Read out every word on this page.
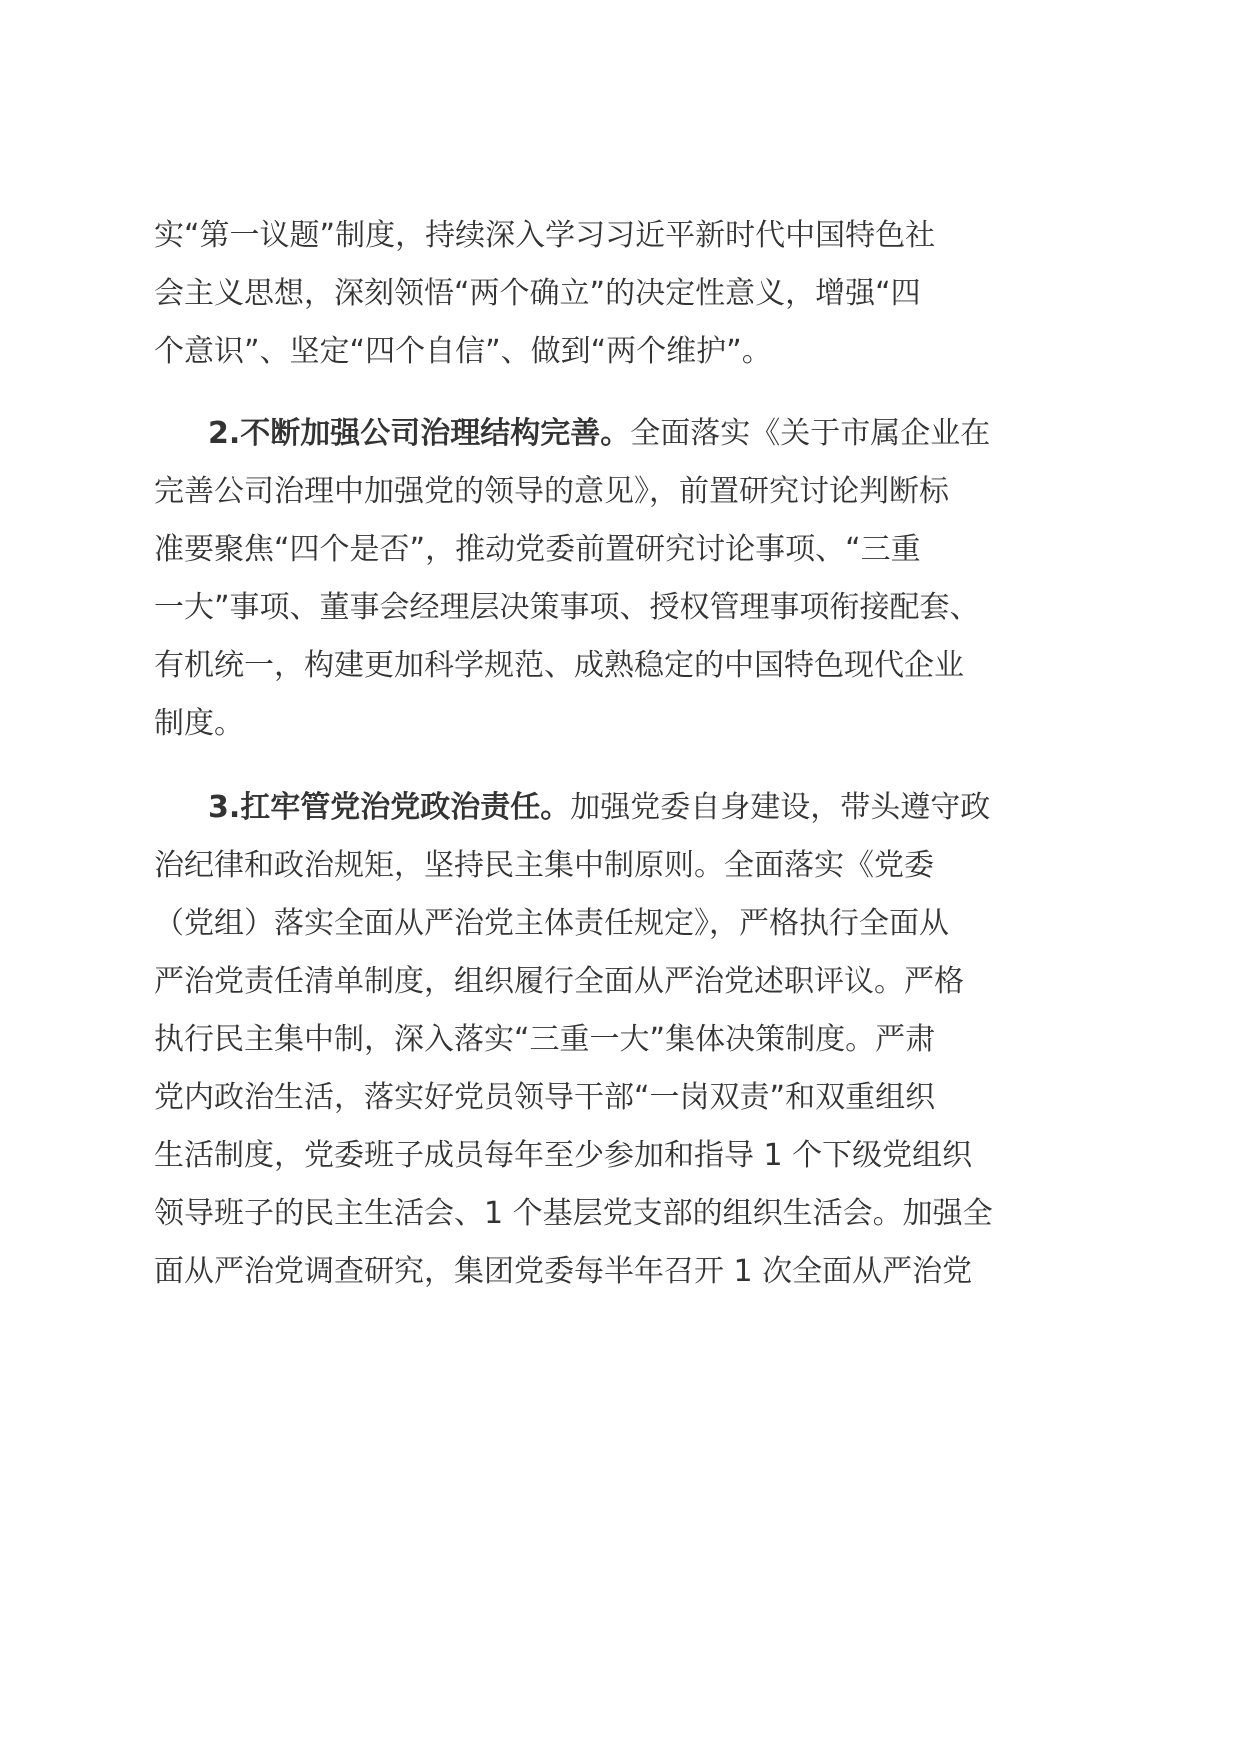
实“第一议题”制度，持续深入学习习近平新时代中国特色社
会主义思想，深刻领悟“两个确立”的决定性意义，增强“四
个意识”、坚定“四个自信”、做到“两个维护”。
2.不断加强公司治理结构完善。全面落实《关于市属企业在
完善公司治理中加强党的领导的意见》，前置研究讨论判断标
准要聚焦“四个是否”，推动党委前置研究讨论事项、“三重
一大”事项、董事会经理层决策事项、授权管理事项衔接配套、
有机统一，构建更加科学规范、成熟稳定的中国特色现代企业
制度。
3.扛牢管党治党政治责任。加强党委自身建设，带头遵守政
治纪律和政治规矩，坚持民主集中制原则。全面落实《党委
（党组）落实全面从严治党主体责任规定》，严格执行全面从
严治党责任清单制度，组织履行全面从严治党述职评议。严格
执行民主集中制，深入落实“三重一大”集体决策制度。严肃
党内政治生活，落实好党员领导干部“一岗双责”和双重组织
生活制度，党委班子成员每年至少参加和指导 1 个下级党组织
领导班子的民主生活会、1 个基层党支部的组织生活会。加强全
面从严治党调查研究，集团党委每半年召开 1 次全面从严治党
